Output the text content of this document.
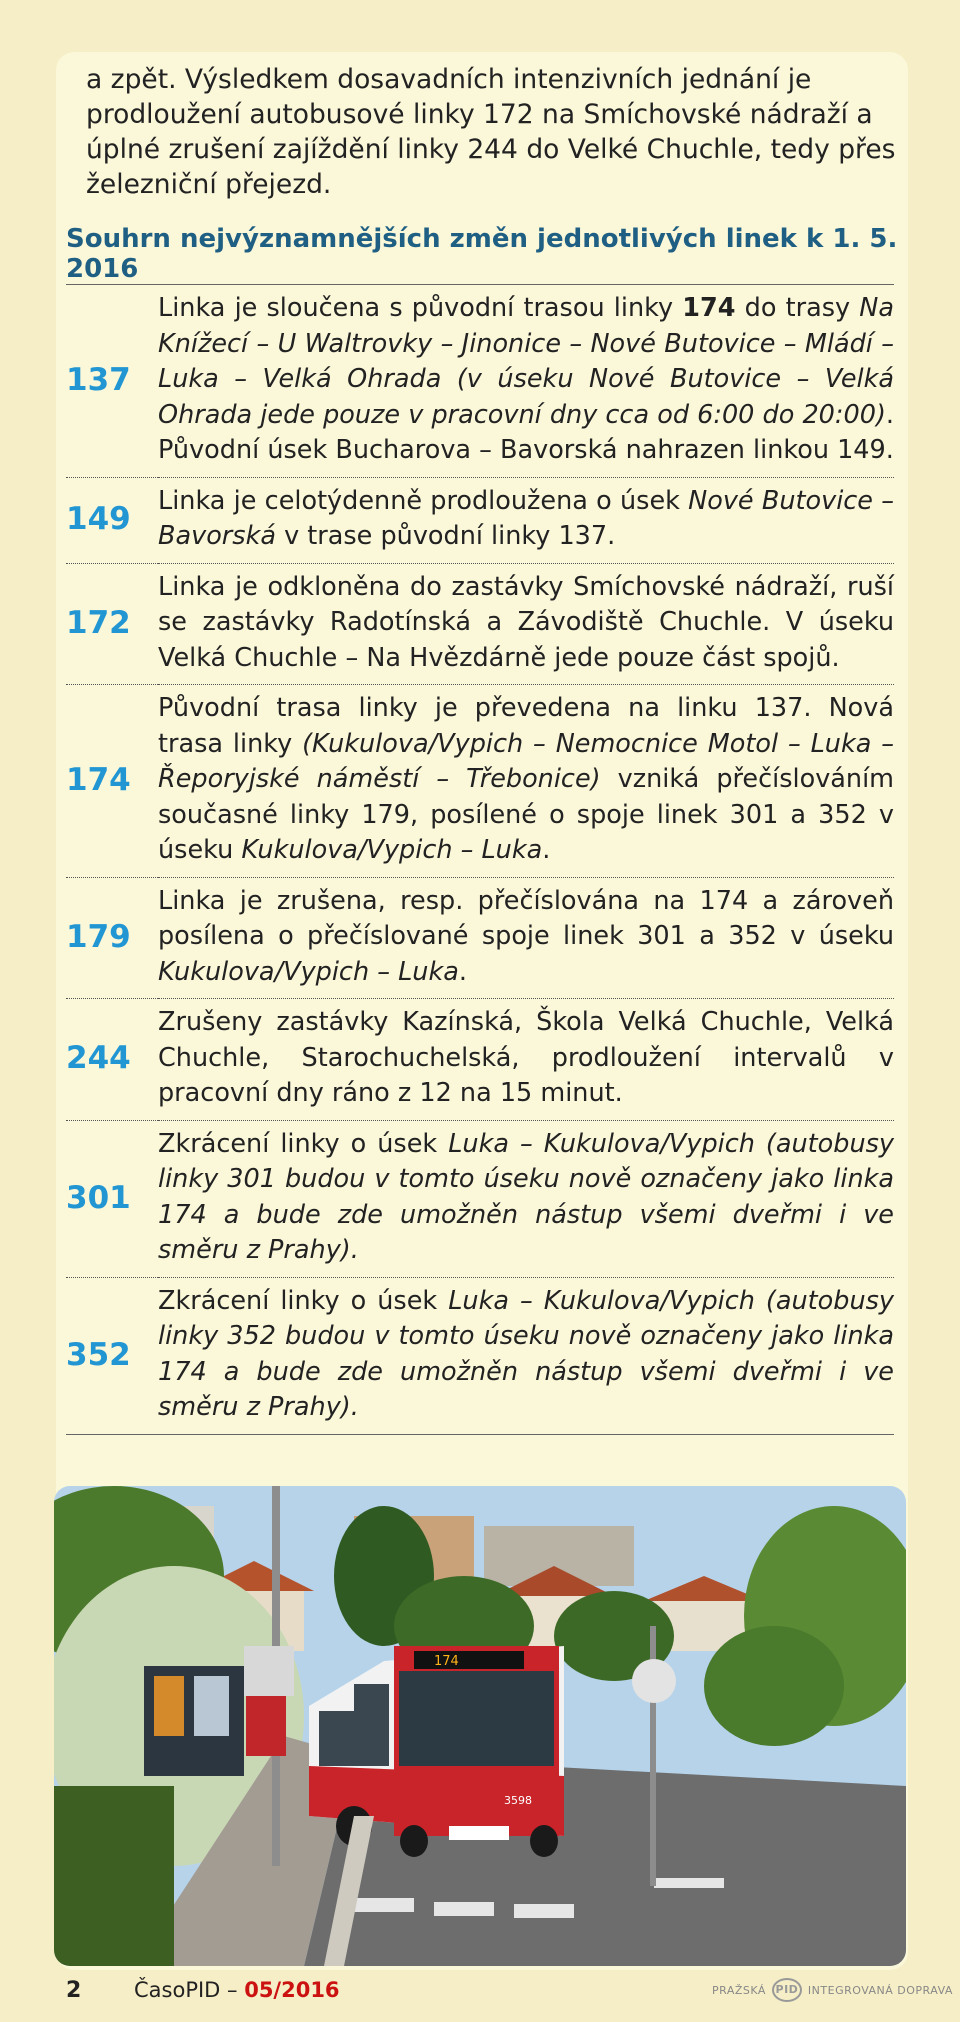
a zpět. Výsledkem dosavadních intenzivních jednání je prodloužení autobusové linky 172 na Smíchovské nádraží a úplné zrušení zajíždění linky 244 do Velké Chuchle, tedy přes železniční přejezd.
Souhrn nejvýznamnějších změn jednotlivých linek k 1. 5. 2016
137	Linka je sloučena s původní trasou linky 174 do trasy Na Knížecí – U Waltrovky – Jinonice – Nové Butovice – Mládí – Luka – Velká Ohrada (v úseku Nové Butovice – Velká Ohrada jede pouze v pracovní dny cca od 6:00 do 20:00). Původní úsek Bucharova – Bavorská nahrazen linkou 149.
149	Linka je celotýdenně prodloužena o úsek Nové Butovice – Bavorská v trase původní linky 137.
172	Linka je odkloněna do zastávky Smíchovské nádraží, ruší se zastávky Radotínská a Závodiště Chuchle. V úseku Velká Chuchle – Na Hvězdárně jede pouze část spojů.
174	Původní trasa linky je převedena na linku 137. Nová trasa linky (Kukulova/Vypich – Nemocnice Motol – Luka – Řeporyjské náměstí – Třebonice) vzniká přečíslováním současné linky 179, posílené o spoje linek 301 a 352 v úseku Kukulova/Vypich – Luka.
179	Linka je zrušena, resp. přečíslována na 174 a zároveň posílena o přečíslované spoje linek 301 a 352 v úseku Kukulova/Vypich – Luka.
244	Zrušeny zastávky Kazínská, Škola Velká Chuchle, Velká Chuchle, Starochuchelská, prodloužení intervalů v pracovní dny ráno z 12 na 15 minut.
301	Zkrácení linky o úsek Luka – Kukulova/Vypich (autobusy linky 301 budou v tomto úseku nově označeny jako linka 174 a bude zde umožněn nástup všemi dveřmi i ve směru z Prahy).
352	Zkrácení linky o úsek Luka – Kukulova/Vypich (autobusy linky 352 budou v tomto úseku nově označeny jako linka 174 a bude zde umožněn nástup všemi dveřmi i ve směru z Prahy).
174
3598
2	ČasoPID – 05/2016	PRAŽSKÁ PID INTEGROVANÁ DOPRAVA
